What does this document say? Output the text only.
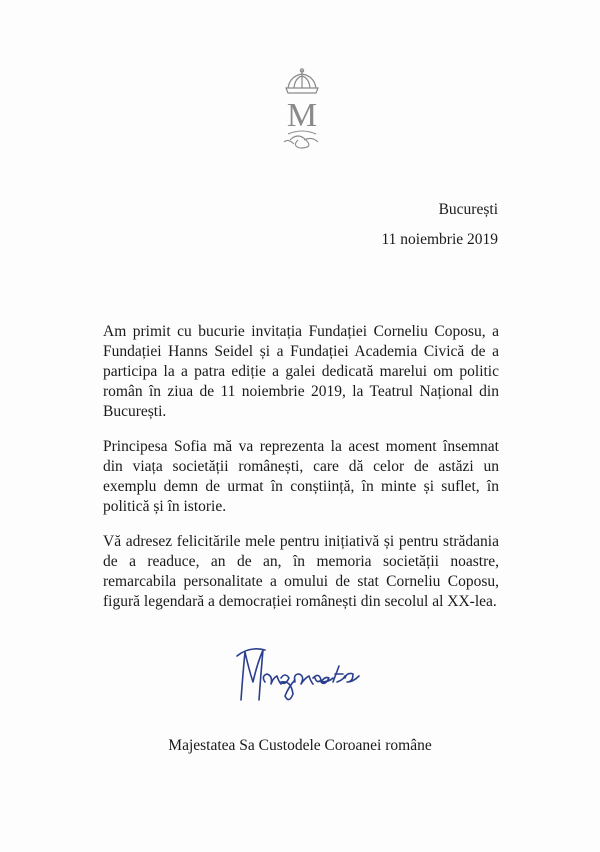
M
București
11 noiembrie 2019

Am primit cu bucurie invitația Fundației Corneliu Coposu, a Fundației Hanns Seidel și a Fundației Academia Civică de a participa la a patra ediție a galei dedicată marelui om politic român în ziua de 11 noiembrie 2019, la Teatrul Național din București.

Principesa Sofia mă va reprezenta la acest moment însemnat din viața societății românești, care dă celor de astăzi un exemplu demn de urmat în conștiință, în minte și suflet, în politică și în istorie.

Vă adresez felicitările mele pentru inițiativă și pentru strădania de a readuce, an de an, în memoria societății noastre, remarcabila personalitate a omului de stat Corneliu Coposu, figură legendară a democrației românești din secolul al XX-lea.

Majestatea Sa Custodele Coroanei române
